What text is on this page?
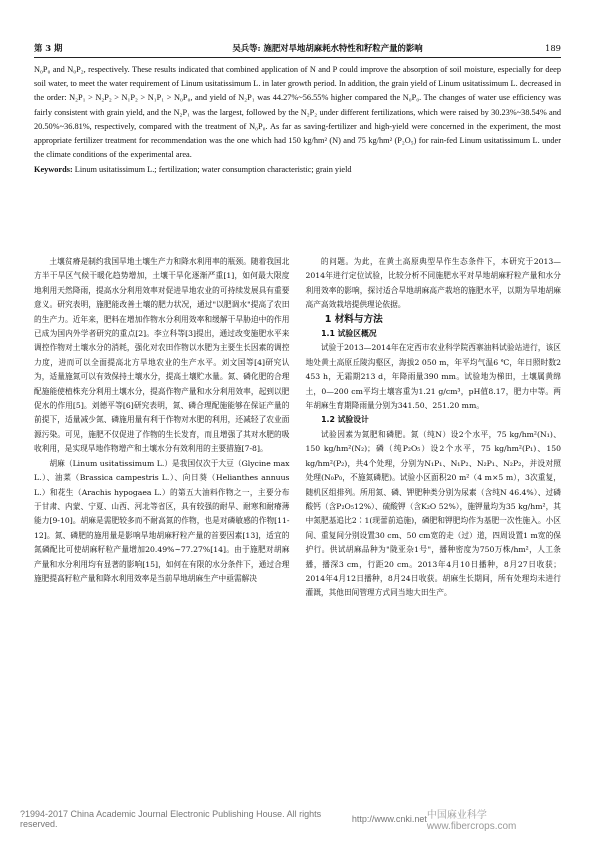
第 3 期	吴兵等: 施肥对旱地胡麻耗水特性和籽粒产量的影响	189

N₀P₀ and N₀P₂, respectively. These results indicated that combined application of N and P could improve the absorption of soil moisture, especially for deep soil water, to meet the water requirement of Linum usitatissimum L. in later growth period. In addition, the grain yield of Linum usitatissimum L. decreased in the order: N₂P₁ > N₂P₂ > N₁P₂ > N₁P₁ > N₀P₀, and yield of N₂P₁ was 44.27%~56.55% higher compared the N₀P₀. The changes of water use efficiency was fairly consistent with grain yield, and the N₂P₁ was the largest, followed by the N₂P₂ under different fertilizations, which were raised by 30.23%~38.54% and 20.50%~36.81%, respectively, compared with the treatment of N₀P₀. As far as saving-fertilizer and high-yield were concerned in the experiment, the most appropriate fertilizer treatment for recommendation was the one which had 150 kg/hm² (N) and 75 kg/hm² (P₂O₅) for rain-fed Linum usitatissimum L. under the climate conditions of the experimental area.

Keywords: Linum usitatissimum L.; fertilization; water consumption characteristic; grain yield

土壤贫瘠是制约我国旱地土壤生产力和降水利用率的瓶颈。随着我国北方半干旱区气候干暖化趋势增加，土壤干旱化逐渐严重[1]，如何最大限度地利用天然降雨，提高水分利用效率对促进旱地农业的可持续发展具有重要意义。研究表明，施肥能改善土壤的肥力状况，通过"以肥调水"提高了农田的生产力。近年来，肥料在增加作物水分利用效率和缓解干旱胁迫中的作用已成为国内外学者研究的重点[2]。李立科等[3]提出，通过改变施肥水平来调控作物对土壤水分的消耗，强化对农田作物以水肥为主要生长因素的调控力度，进而可以全面提高北方旱地农业的生产水平。刘文国等[4]研究认为，适量施氮可以有效保持土壤水分，提高土壤贮水量。氮、磷化肥的合理配施能使植株充分利用土壤水分，提高作物产量和水分利用效率，起到以肥促水的作用[5]。刘德平等[6]研究表明，氮、磷合理配施能够在保证产量的前提下，适量减少氮、磷施用量有利于作物对水肥的利用，还减轻了农业面源污染。可见，施肥不仅促进了作物的生长发育，而且增强了其对水肥的吸收利用，是实现旱地作物增产和土壤水分有效利用的主要措施[7-8]。

胡麻（Linum usitatissimum L.）是我国仅次于大豆（Glycine max L.）、油菜（Brassica campestris L.）、向日葵（Helianthes annuus L.）和花生（Arachis hypogaea L.）的第五大油料作物之一，主要分布于甘肃、内蒙、宁夏、山西、河北等省区，具有较强的耐旱、耐寒和耐瘠薄能力[9-10]。胡麻是需肥较多而不耐高氮的作物，也是对磷敏感的作物[11-12]。氮、磷肥的施用量是影响旱地胡麻籽粒产量的首要因素[13]，适宜的氮磷配比可使胡麻籽粒产量增加20.49%~77.27%[14]。由于施肥对胡麻产量和水分利用均有显著的影响[15]，如何在有限的水分条件下，通过合理施肥提高籽粒产量和降水利用效率是当前旱地胡麻生产中亟需解决

的问题。为此，在黄土高原典型旱作生态条件下，本研究于2013—2014年进行定位试验，比较分析不同施肥水平对旱地胡麻籽粒产量和水分利用效率的影响，探讨适合旱地胡麻高产栽培的施肥水平，以期为旱地胡麻高产高效栽培提供理论依据。

1 材料与方法

1.1 试验区概况

试验于2013—2014年在定西市农业科学院西寨油料试验站进行，该区地处黄土高原丘陵沟壑区，海拔2 050 m，年平均气温6 ℃，年日照时数2 453 h，无霜期213 d，年降雨量390 mm。试验地为梯田，土壤属黄绵土，0—200 cm平均土壤容重为1.21 g/cm³，pH值8.17，肥力中等。两年胡麻生育期降雨量分别为341.50、251.20 mm。

1.2 试验设计

试验因素为氮肥和磷肥。氮（纯N）设2个水平，75 kg/hm²(N₁)、150 kg/hm²(N₂)；磷（纯P₂O₅）设2个水平，75 kg/hm²(P₁)、150 kg/hm²(P₂)，共4个处理，分别为N₁P₁、N₁P₂、N₂P₁、N₂P₂，并设对照处理(N₀P₀，不施氮磷肥)。试验小区面积20 m²（4 m×5 m），3次重复，随机区组排列。所用氮、磷、钾肥种类分别为尿素（含纯N 46.4%）、过磷酸钙（含P₂O₅12%）、硫酸钾（含K₂O 52%），施钾量均为35 kg/hm²，其中氮肥基追比2∶1(现蕾前追施)，磷肥和钾肥均作为基肥一次性施入。小区间、重复间分别设置30 cm、50 cm宽的走（过）道，四周设置1 m宽的保护行。供试胡麻品种为"陇亚杂1号"，播种密度为750万株/hm²，人工条播，播深3 cm，行距20 cm。2013年4月10日播种，8月27日收获；2014年4月12日播种，8月24日收获。胡麻生长期间，所有处理均未进行灌溉，其他田间管理方式同当地大田生产。

?1994-2017 China Academic Journal Electronic Publishing House. All rights reserved.	http://www.cnki.net 中国麻业科学 www.fibercrops.com
